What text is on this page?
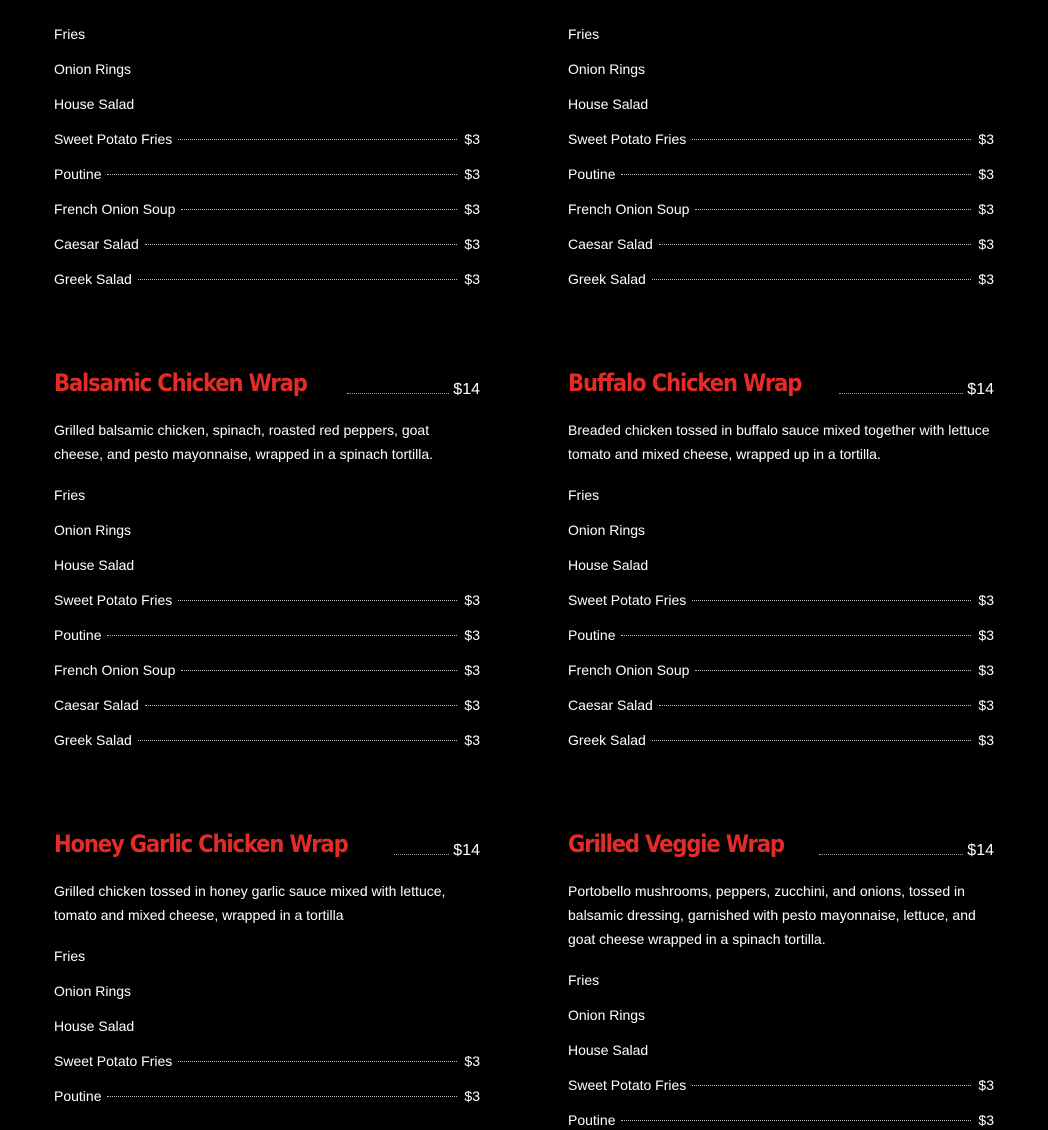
Fries
Onion Rings
House Salad
Sweet Potato Fries	$3
Poutine	$3
French Onion Soup	$3
Caesar Salad	$3
Greek Salad	$3
Fries
Onion Rings
House Salad
Sweet Potato Fries	$3
Poutine	$3
French Onion Soup	$3
Caesar Salad	$3
Greek Salad	$3
Balsamic Chicken Wrap	$14

Grilled balsamic chicken, spinach, roasted red peppers, goat cheese, and pesto mayonnaise, wrapped in a spinach tortilla.

Fries
Onion Rings
House Salad
Sweet Potato Fries	$3
Poutine	$3
French Onion Soup	$3
Caesar Salad	$3
Greek Salad	$3
Buffalo Chicken Wrap	$14

Breaded chicken tossed in buffalo sauce mixed together with lettuce tomato and mixed cheese, wrapped up in a tortilla.

Fries
Onion Rings
House Salad
Sweet Potato Fries	$3
Poutine	$3
French Onion Soup	$3
Caesar Salad	$3
Greek Salad	$3
Honey Garlic Chicken Wrap	$14

Grilled chicken tossed in honey garlic sauce mixed with lettuce, tomato and mixed cheese, wrapped in a tortilla

Fries
Onion Rings
House Salad
Sweet Potato Fries	$3
Poutine	$3
Grilled Veggie Wrap	$14

Portobello mushrooms, peppers, zucchini, and onions, tossed in balsamic dressing, garnished with pesto mayonnaise, lettuce, and goat cheese wrapped in a spinach tortilla.

Fries
Onion Rings
House Salad
Sweet Potato Fries	$3
Poutine	$3
